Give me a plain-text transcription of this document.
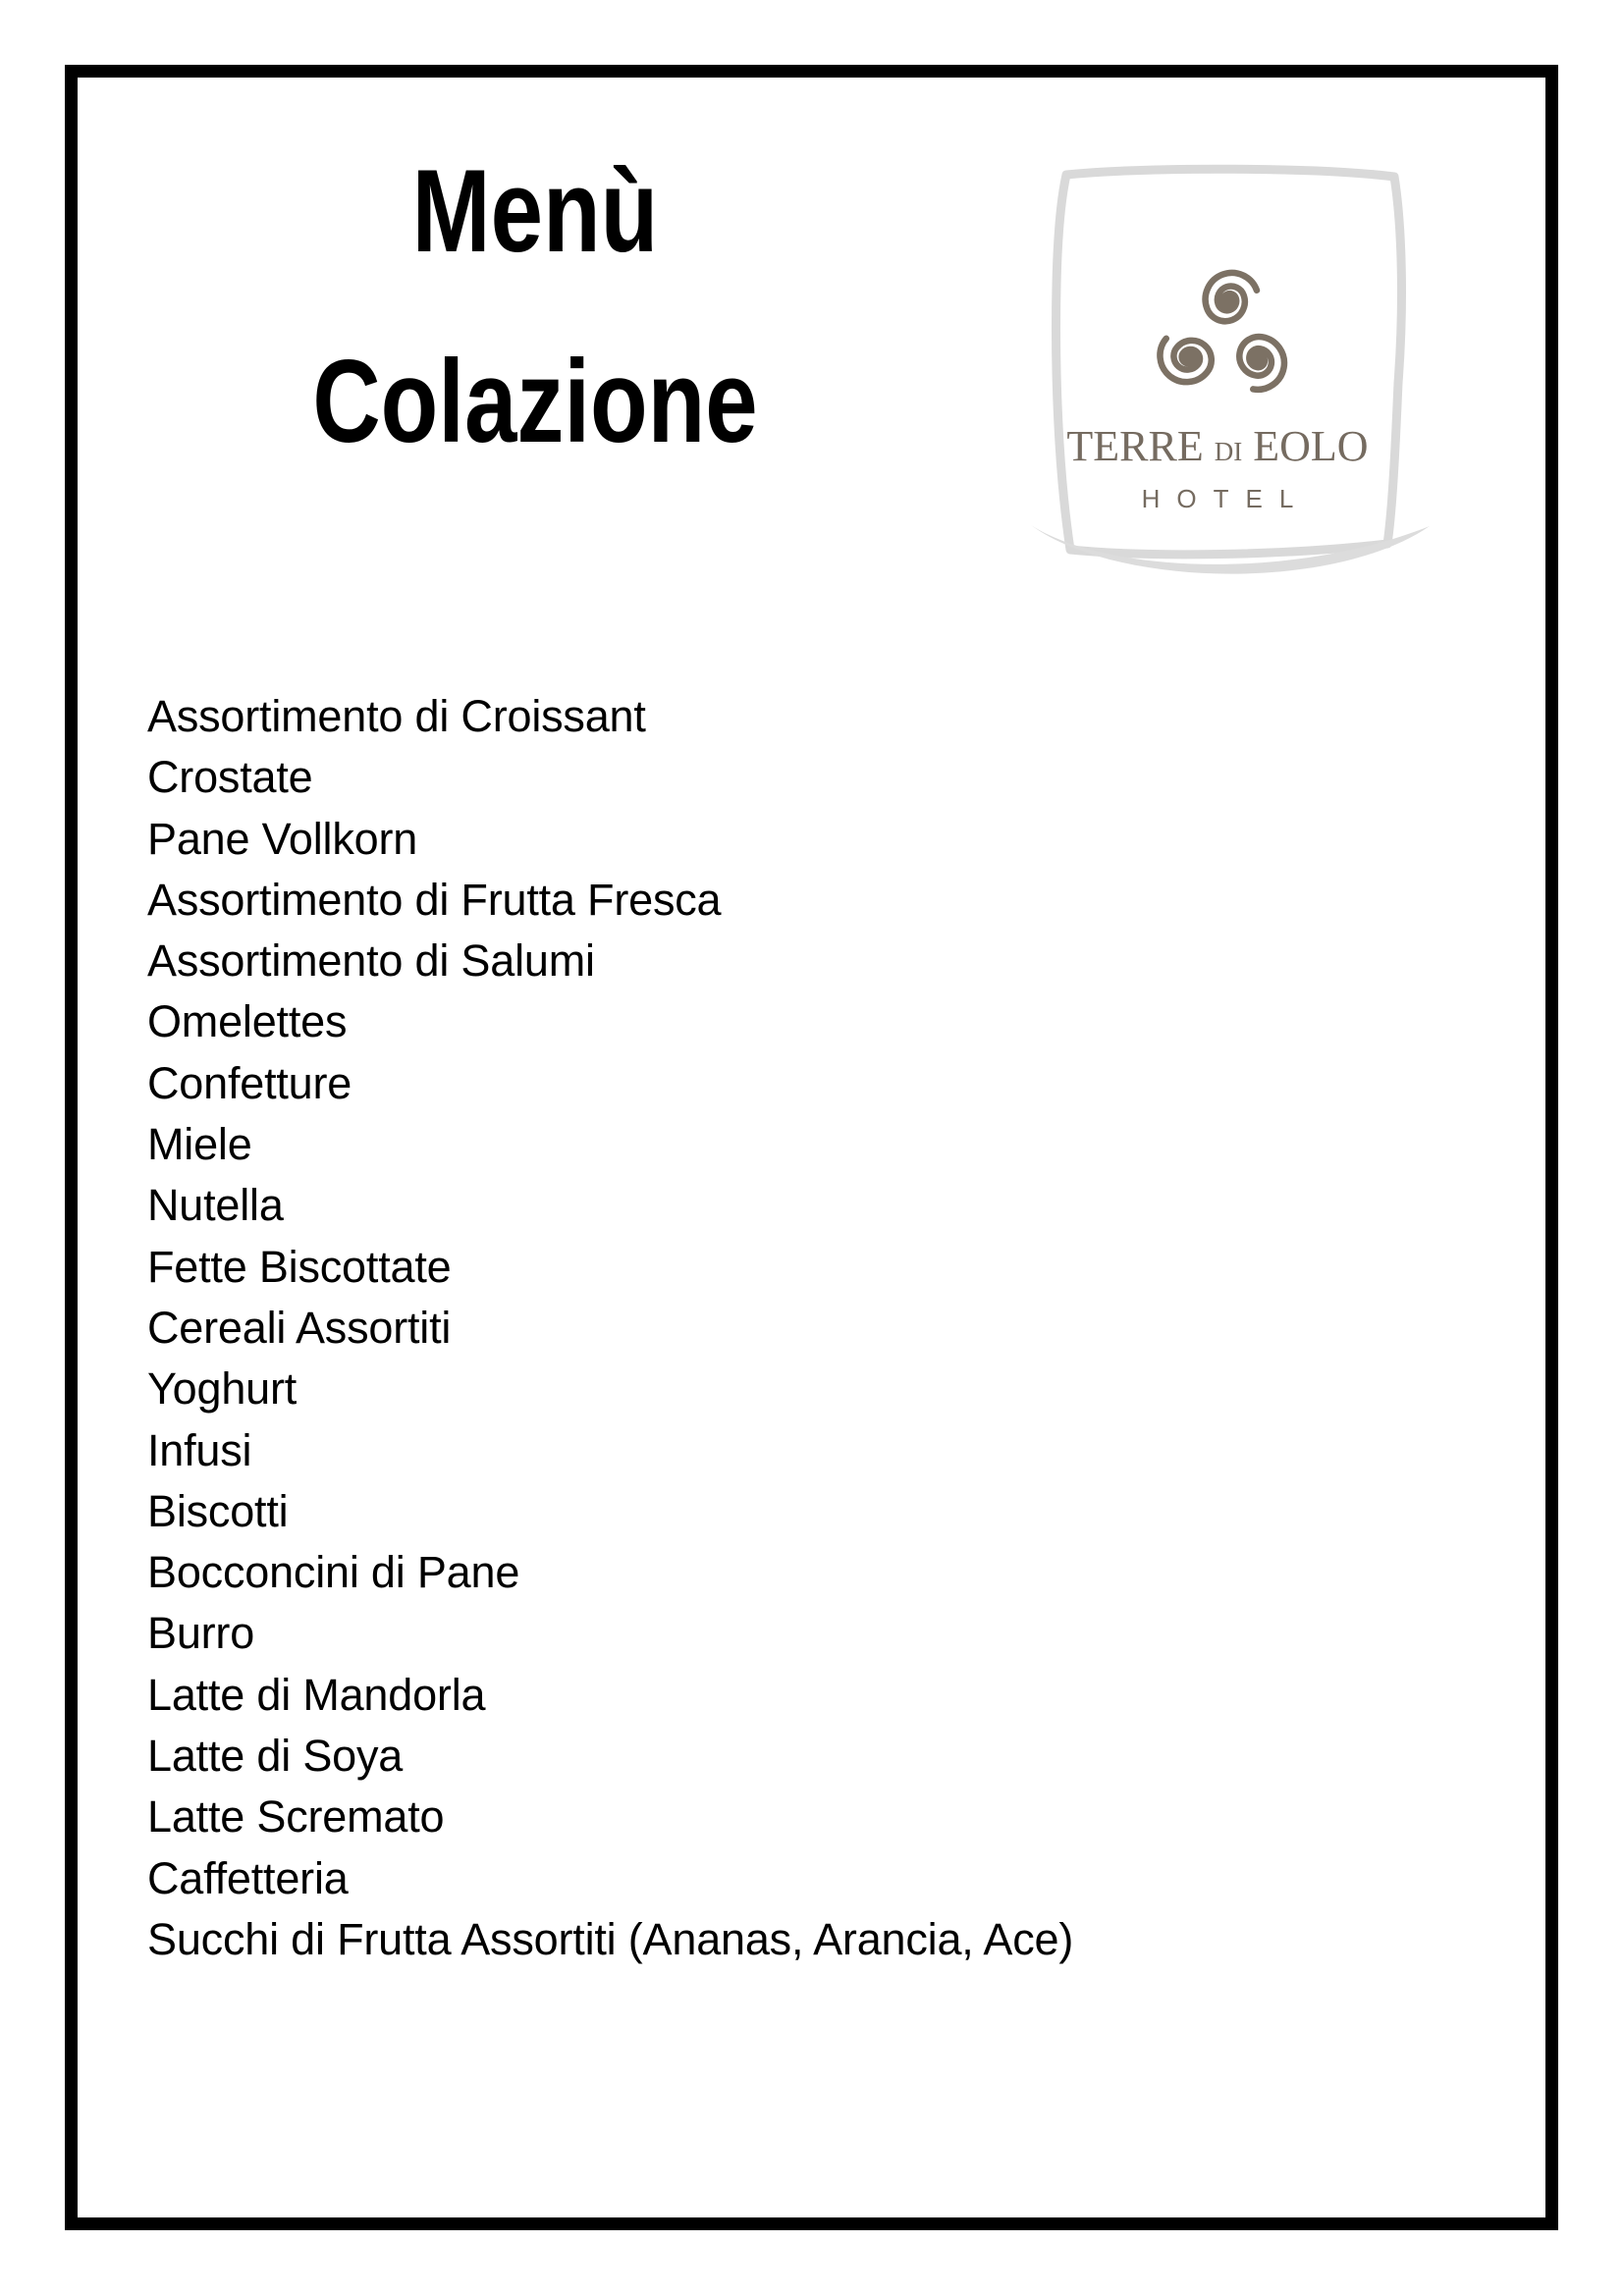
Menù
Colazione	TERRE DI EOLO
HOTEL
Assortimento di Croissant
Crostate
Pane Vollkorn
Assortimento di Frutta Fresca
Assortimento di Salumi
Omelettes
Confetture
Miele
Nutella
Fette Biscottate
Cereali Assortiti
Yoghurt
Infusi
Biscotti
Bocconcini di Pane
Burro
Latte di Mandorla
Latte di Soya
Latte Scremato
Caffetteria
Succhi di Frutta Assortiti (Ananas, Arancia, Ace)
